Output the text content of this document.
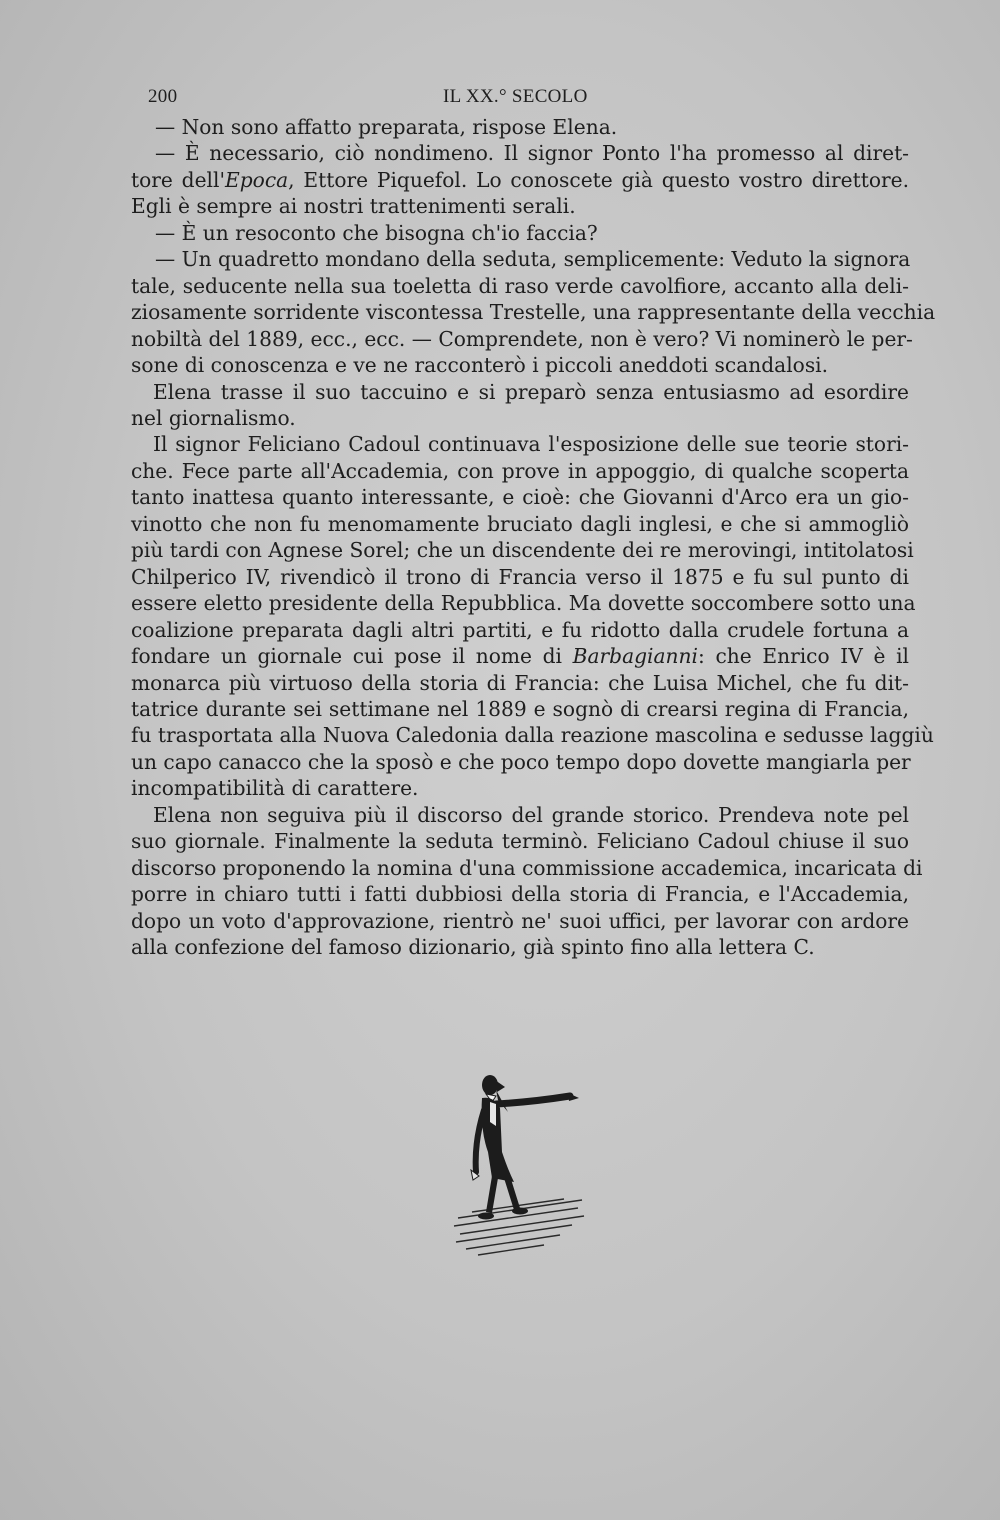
200	IL XX.° SECOLO
— Non sono affatto preparata, rispose Elena.
— È necessario, ciò nondimeno. Il signor Ponto l'ha promesso al diret-
tore dell'Epoca, Ettore Piquefol. Lo conoscete già questo vostro direttore.
Egli è sempre ai nostri trattenimenti serali.
— È un resoconto che bisogna ch'io faccia?
— Un quadretto mondano della seduta, semplicemente: Veduto la signora
tale, seducente nella sua toeletta di raso verde cavolfiore, accanto alla deli-
ziosamente sorridente viscontessa Trestelle, una rappresentante della vecchia
nobiltà del 1889, ecc., ecc. — Comprendete, non è vero? Vi nominerò le per-
sone di conoscenza e ve ne racconterò i piccoli aneddoti scandalosi.
Elena trasse il suo taccuino e si preparò senza entusiasmo ad esordire
nel giornalismo.
Il signor Feliciano Cadoul continuava l'esposizione delle sue teorie stori-
che. Fece parte all'Accademia, con prove in appoggio, di qualche scoperta
tanto inattesa quanto interessante, e cioè: che Giovanni d'Arco era un gio-
vinotto che non fu menomamente bruciato dagli inglesi, e che si ammogliò
più tardi con Agnese Sorel; che un discendente dei re merovingi, intitolatosi
Chilperico IV, rivendicò il trono di Francia verso il 1875 e fu sul punto di
essere eletto presidente della Repubblica. Ma dovette soccombere sotto una
coalizione preparata dagli altri partiti, e fu ridotto dalla crudele fortuna a
fondare un giornale cui pose il nome di Barbagianni: che Enrico IV è il
monarca più virtuoso della storia di Francia: che Luisa Michel, che fu dit-
tatrice durante sei settimane nel 1889 e sognò di crearsi regina di Francia,
fu trasportata alla Nuova Caledonia dalla reazione mascolina e sedusse laggiù
un capo canacco che la sposò e che poco tempo dopo dovette mangiarla per
incompatibilità di carattere.
Elena non seguiva più il discorso del grande storico. Prendeva note pel
suo giornale. Finalmente la seduta terminò. Feliciano Cadoul chiuse il suo
discorso proponendo la nomina d'una commissione accademica, incaricata di
porre in chiaro tutti i fatti dubbiosi della storia di Francia, e l'Accademia,
dopo un voto d'approvazione, rientrò ne' suoi uffici, per lavorar con ardore
alla confezione del famoso dizionario, già spinto fino alla lettera C.
